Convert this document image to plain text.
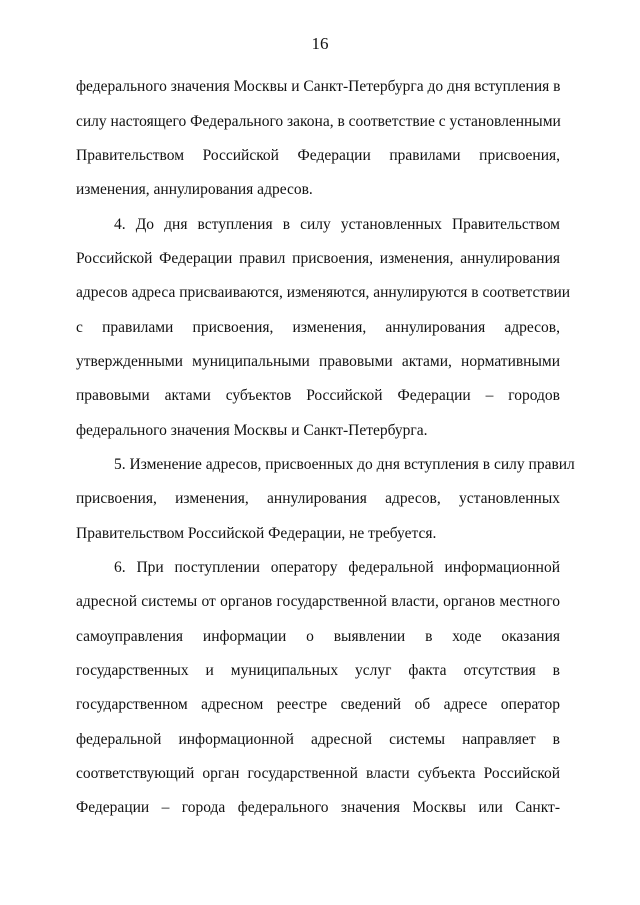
16
федерального значения Москвы и Санкт-Петербурга до дня вступления в
силу настоящего Федерального закона, в соответствие с установленными
Правительством Российской Федерации правилами присвоения,
изменения, аннулирования адресов.
4. До дня вступления в силу установленных Правительством
Российской Федерации правил присвоения, изменения, аннулирования
адресов адреса присваиваются, изменяются, аннулируются в соответствии
с правилами присвоения, изменения, аннулирования адресов,
утвержденными муниципальными правовыми актами, нормативными
правовыми актами субъектов Российской Федерации – городов
федерального значения Москвы и Санкт-Петербурга.
5. Изменение адресов, присвоенных до дня вступления в силу правил
присвоения, изменения, аннулирования адресов, установленных
Правительством Российской Федерации, не требуется.
6. При поступлении оператору федеральной информационной
адресной системы от органов государственной власти, органов местного
самоуправления информации о выявлении в ходе оказания
государственных и муниципальных услуг факта отсутствия в
государственном адресном реестре сведений об адресе оператор
федеральной информационной адресной системы направляет в
соответствующий орган государственной власти субъекта Российской
Федерации – города федерального значения Москвы или Санкт-
